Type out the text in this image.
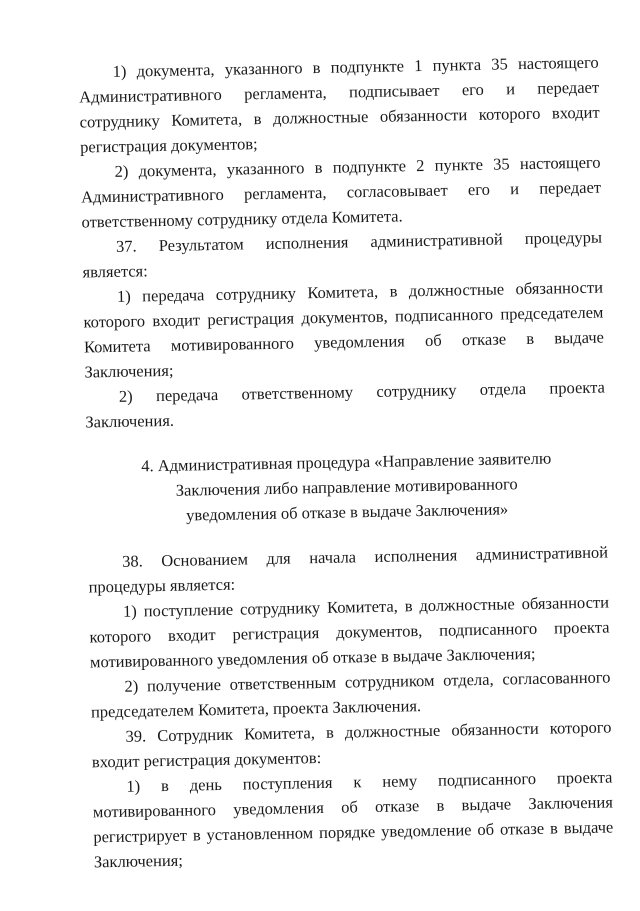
1) документа, указанного в подпункте 1 пункта 35 настоящего
Административного регламента, подписывает его и передает
сотруднику Комитета, в должностные обязанности которого входит
регистрация документов;
2) документа, указанного в подпункте 2 пункте 35 настоящего
Административного регламента, согласовывает его и передает
ответственному сотруднику отдела Комитета.
37. Результатом исполнения административной процедуры
является:
1) передача сотруднику Комитета, в должностные обязанности
которого входит регистрация документов, подписанного председателем
Комитета мотивированного уведомления об отказе в выдаче
Заключения;
2) передача ответственному сотруднику отдела проекта
Заключения.
4. Административная процедура «Направление заявителю
Заключения либо направление мотивированного
уведомления об отказе в выдаче Заключения»
38. Основанием для начала исполнения административной
процедуры является:
1) поступление сотруднику Комитета, в должностные обязанности
которого входит регистрация документов, подписанного проекта
мотивированного уведомления об отказе в выдаче Заключения;
2) получение ответственным сотрудником отдела, согласованного
председателем Комитета, проекта Заключения.
39. Сотрудник Комитета, в должностные обязанности которого
входит регистрация документов:
1) в день поступления к нему подписанного проекта
мотивированного уведомления об отказе в выдаче Заключения
регистрирует в установленном порядке уведомление об отказе в выдаче
Заключения;
